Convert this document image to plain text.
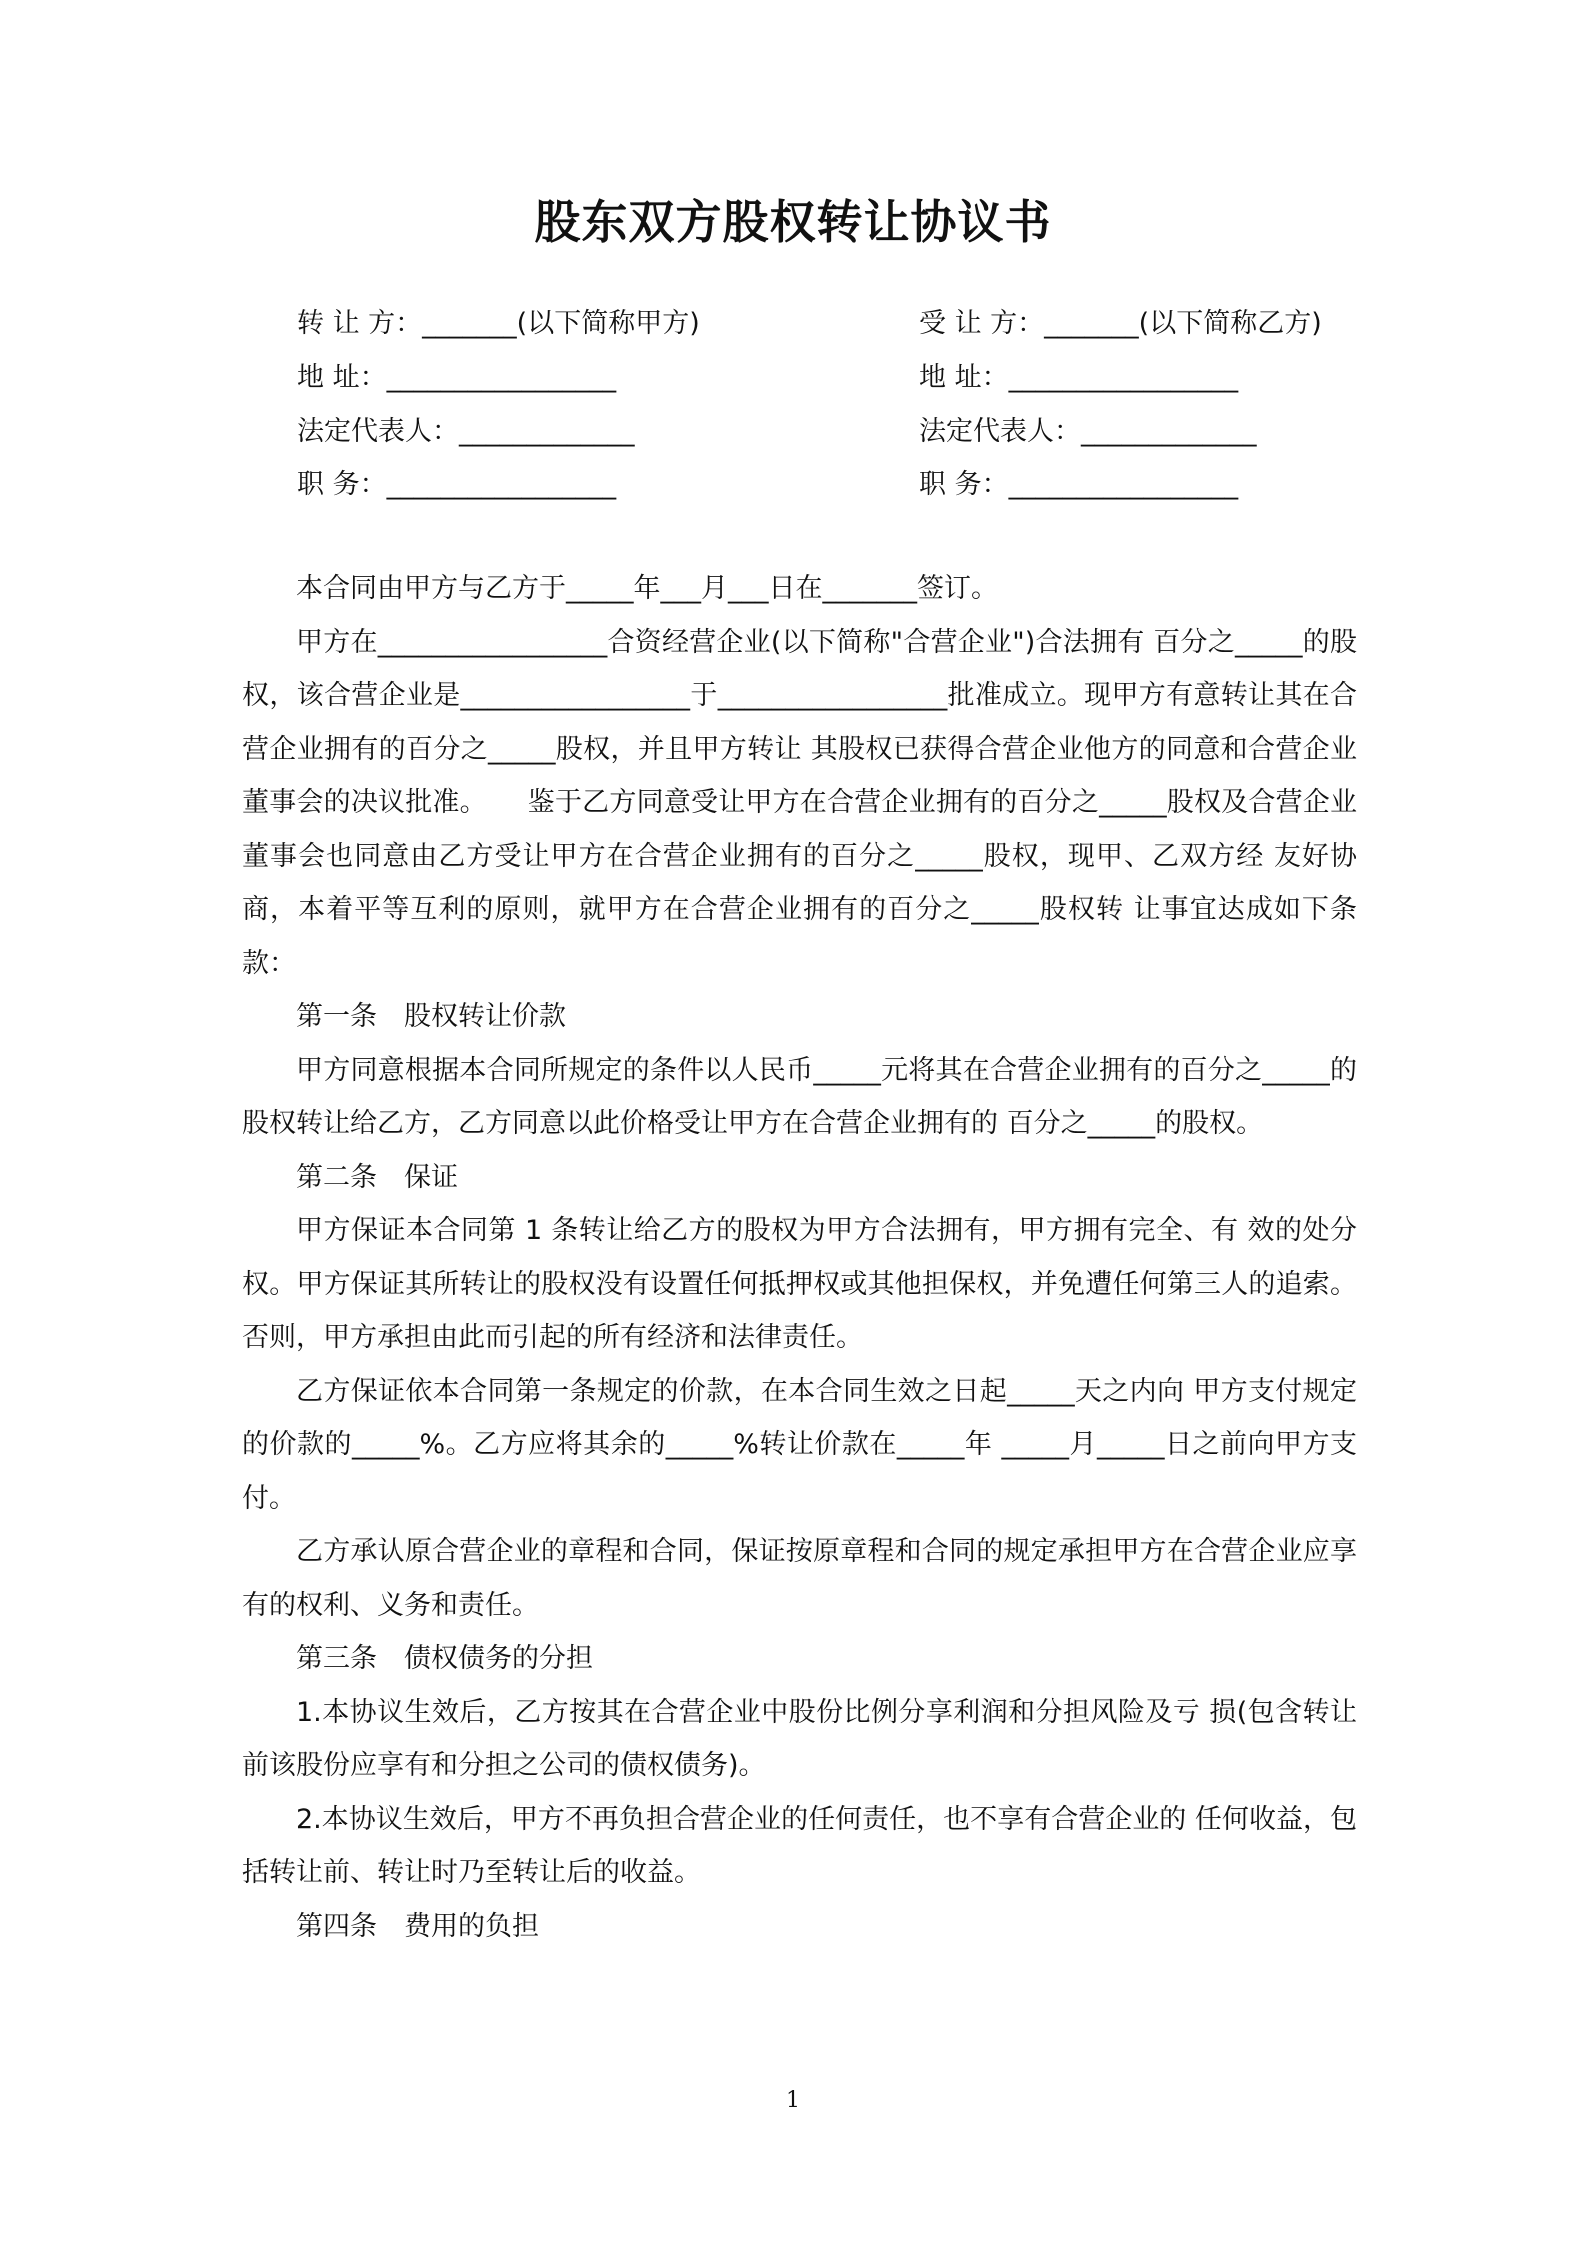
股东双方股权转让协议书
转 让 方：_______(以下简称甲方)
地 址：_________________
法定代表人：_____________
职 务：_________________
受 让 方：_______(以下简称乙方)
地 址：_________________
法定代表人：_____________
职 务：_________________

本合同由甲方与乙方于_____年___月___日在_______签订。

甲方在_________________合资经营企业(以下简称"合营企业")合法拥有 百分之_____的股权，该合营企业是_________________于_________________批准成立。现甲方有意转让其在合营企业拥有的百分之_____股权，并且甲方转让 其股权已获得合营企业他方的同意和合营企业董事会的决议批准。　　鉴于乙方同意受让甲方在合营企业拥有的百分之_____股权及合营企业董事会也同意由乙方受让甲方在合营企业拥有的百分之_____股权，现甲、乙双方经 友好协商，本着平等互利的原则，就甲方在合营企业拥有的百分之_____股权转 让事宜达成如下条款：

第一条　股权转让价款

甲方同意根据本合同所规定的条件以人民币_____元将其在合营企业拥有的百分之_____的股权转让给乙方，乙方同意以此价格受让甲方在合营企业拥有的 百分之_____的股权。

第二条　保证

甲方保证本合同第 1 条转让给乙方的股权为甲方合法拥有，甲方拥有完全、有 效的处分权。甲方保证其所转让的股权没有设置任何抵押权或其他担保权，并免遭任何第三人的追索。否则，甲方承担由此而引起的所有经济和法律责任。

乙方保证依本合同第一条规定的价款，在本合同生效之日起_____天之内向 甲方支付规定的价款的_____%。乙方应将其余的_____%转让价款在_____年 _____月_____日之前向甲方支付。

乙方承认原合营企业的章程和合同，保证按原章程和合同的规定承担甲方在合营企业应享有的权利、义务和责任。

第三条　债权债务的分担

1.本协议生效后，乙方按其在合营企业中股份比例分享利润和分担风险及亏 损(包含转让前该股份应享有和分担之公司的债权债务)。

2.本协议生效后，甲方不再负担合营企业的任何责任，也不享有合营企业的 任何收益，包括转让前、转让时乃至转让后的收益。

第四条　费用的负担

1
